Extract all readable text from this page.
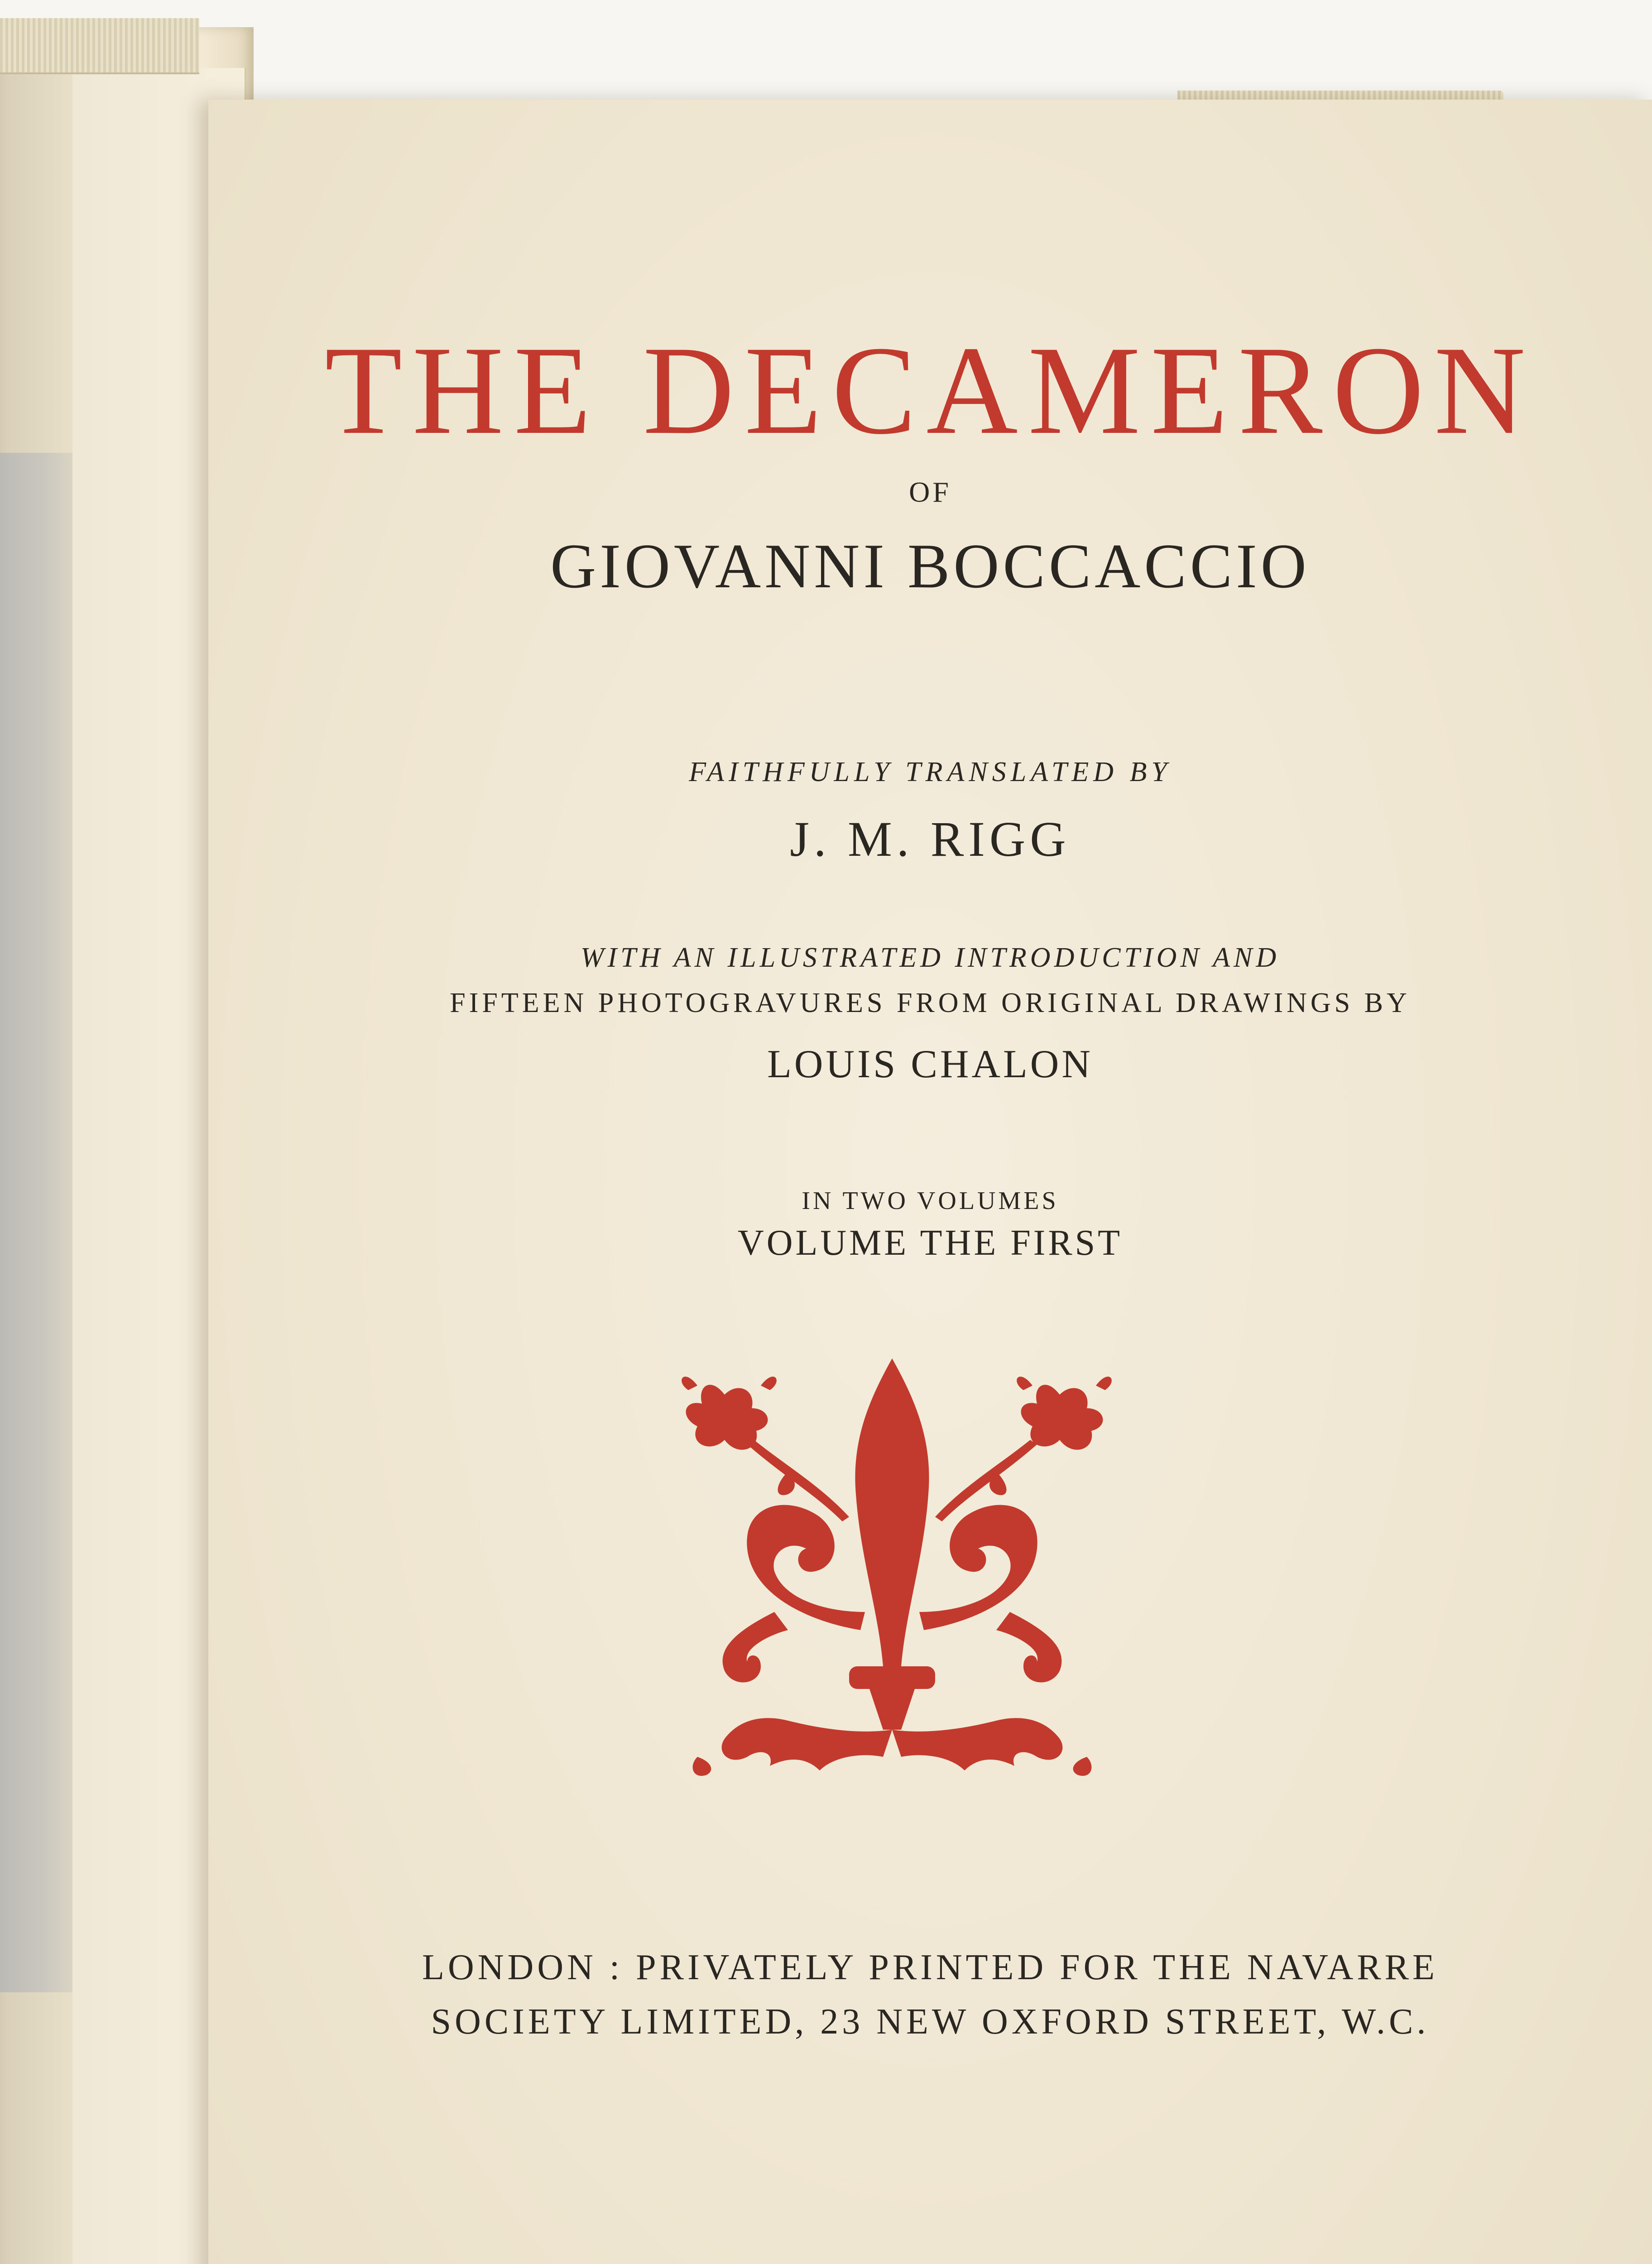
THE DECAMERON
OF
GIOVANNI BOCCACCIO
FAITHFULLY TRANSLATED BY
J. M. RIGG
WITH AN ILLUSTRATED INTRODUCTION AND
FIFTEEN PHOTOGRAVURES FROM ORIGINAL DRAWINGS BY
LOUIS CHALON
IN TWO VOLUMES
VOLUME THE FIRST
LONDON : PRIVATELY PRINTED FOR THE NAVARRE
SOCIETY LIMITED, 23 NEW OXFORD STREET, W.C.
